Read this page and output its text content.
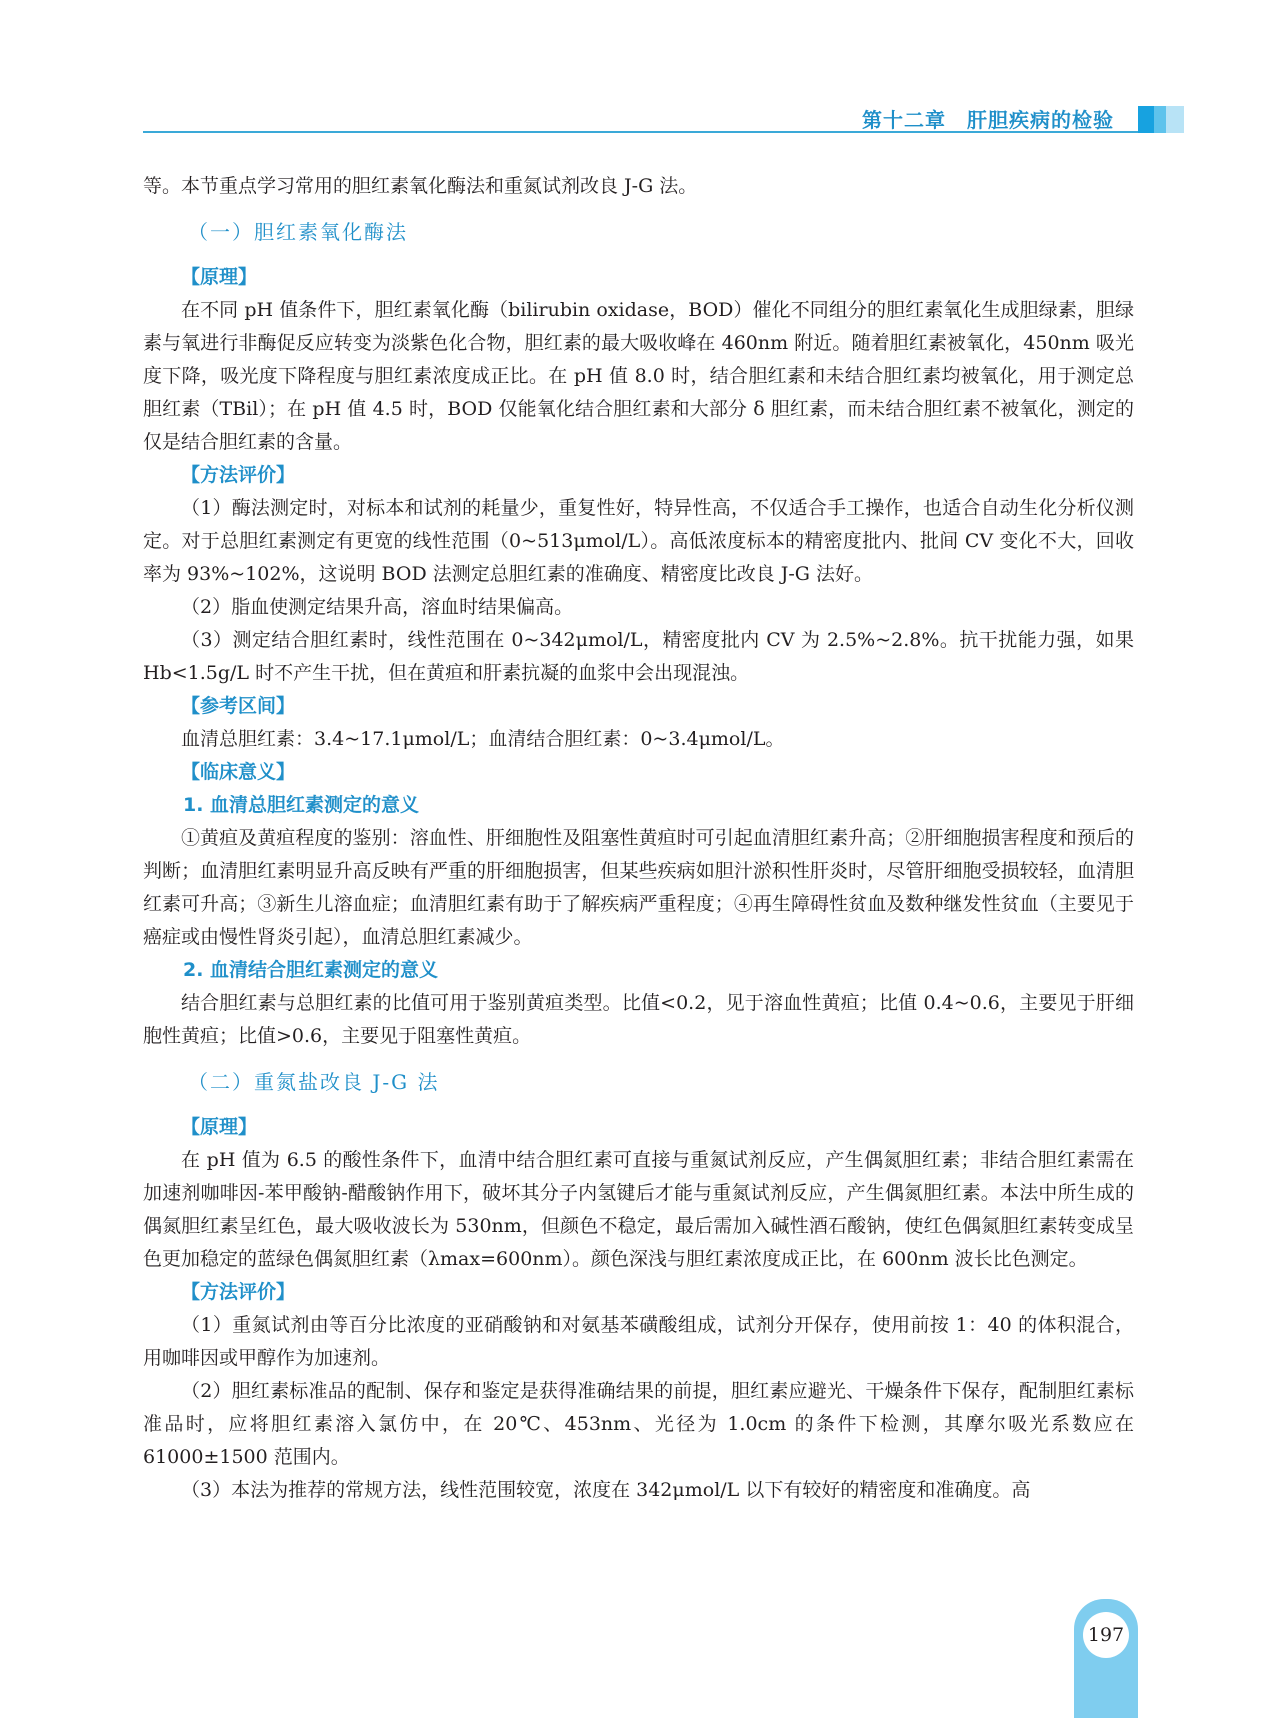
第十二章　肝胆疾病的检验

等。本节重点学习常用的胆红素氧化酶法和重氮试剂改良 J-G 法。

（一）胆红素氧化酶法
【原理】

在不同 pH 值条件下，胆红素氧化酶（bilirubin oxidase，BOD）催化不同组分的胆红素氧化生成胆绿素，胆绿素与氧进行非酶促反应转变为淡紫色化合物，胆红素的最大吸收峰在 460nm 附近。随着胆红素被氧化，450nm 吸光度下降，吸光度下降程度与胆红素浓度成正比。在 pH 值 8.0 时，结合胆红素和未结合胆红素均被氧化，用于测定总胆红素（TBil）；在 pH 值 4.5 时，BOD 仅能氧化结合胆红素和大部分 δ 胆红素，而未结合胆红素不被氧化，测定的仅是结合胆红素的含量。

【方法评价】

（1）酶法测定时，对标本和试剂的耗量少，重复性好，特异性高，不仅适合手工操作，也适合自动生化分析仪测定。对于总胆红素测定有更宽的线性范围（0~513μmol/L）。高低浓度标本的精密度批内、批间 CV 变化不大，回收率为 93%~102%，这说明 BOD 法测定总胆红素的准确度、精密度比改良 J-G 法好。

（2）脂血使测定结果升高，溶血时结果偏高。

（3）测定结合胆红素时，线性范围在 0~342μmol/L，精密度批内 CV 为 2.5%~2.8%。抗干扰能力强，如果 Hb<1.5g/L 时不产生干扰，但在黄疸和肝素抗凝的血浆中会出现混浊。

【参考区间】

血清总胆红素：3.4~17.1μmol/L；血清结合胆红素：0~3.4μmol/L。

【临床意义】
1. 血清总胆红素测定的意义

①黄疸及黄疸程度的鉴别：溶血性、肝细胞性及阻塞性黄疸时可引起血清胆红素升高；②肝细胞损害程度和预后的判断；血清胆红素明显升高反映有严重的肝细胞损害，但某些疾病如胆汁淤积性肝炎时，尽管肝细胞受损较轻，血清胆红素可升高；③新生儿溶血症；血清胆红素有助于了解疾病严重程度；④再生障碍性贫血及数种继发性贫血（主要见于癌症或由慢性肾炎引起），血清总胆红素减少。

2. 血清结合胆红素测定的意义

结合胆红素与总胆红素的比值可用于鉴别黄疸类型。比值<0.2，见于溶血性黄疸；比值 0.4~0.6，主要见于肝细胞性黄疸；比值>0.6，主要见于阻塞性黄疸。

（二）重氮盐改良 J-G 法
【原理】

在 pH 值为 6.5 的酸性条件下，血清中结合胆红素可直接与重氮试剂反应，产生偶氮胆红素；非结合胆红素需在加速剂咖啡因-苯甲酸钠-醋酸钠作用下，破坏其分子内氢键后才能与重氮试剂反应，产生偶氮胆红素。本法中所生成的偶氮胆红素呈红色，最大吸收波长为 530nm，但颜色不稳定，最后需加入碱性酒石酸钠，使红色偶氮胆红素转变成呈色更加稳定的蓝绿色偶氮胆红素（λmax=600nm）。颜色深浅与胆红素浓度成正比，在 600nm 波长比色测定。

【方法评价】

（1）重氮试剂由等百分比浓度的亚硝酸钠和对氨基苯磺酸组成，试剂分开保存，使用前按 1：40 的体积混合，用咖啡因或甲醇作为加速剂。

（2）胆红素标准品的配制、保存和鉴定是获得准确结果的前提，胆红素应避光、干燥条件下保存，配制胆红素标准品时，应将胆红素溶入氯仿中，在 20℃、453nm、光径为 1.0cm 的条件下检测，其摩尔吸光系数应在 61000±1500 范围内。

（3）本法为推荐的常规方法，线性范围较宽，浓度在 342μmol/L 以下有较好的精密度和准确度。高

197
